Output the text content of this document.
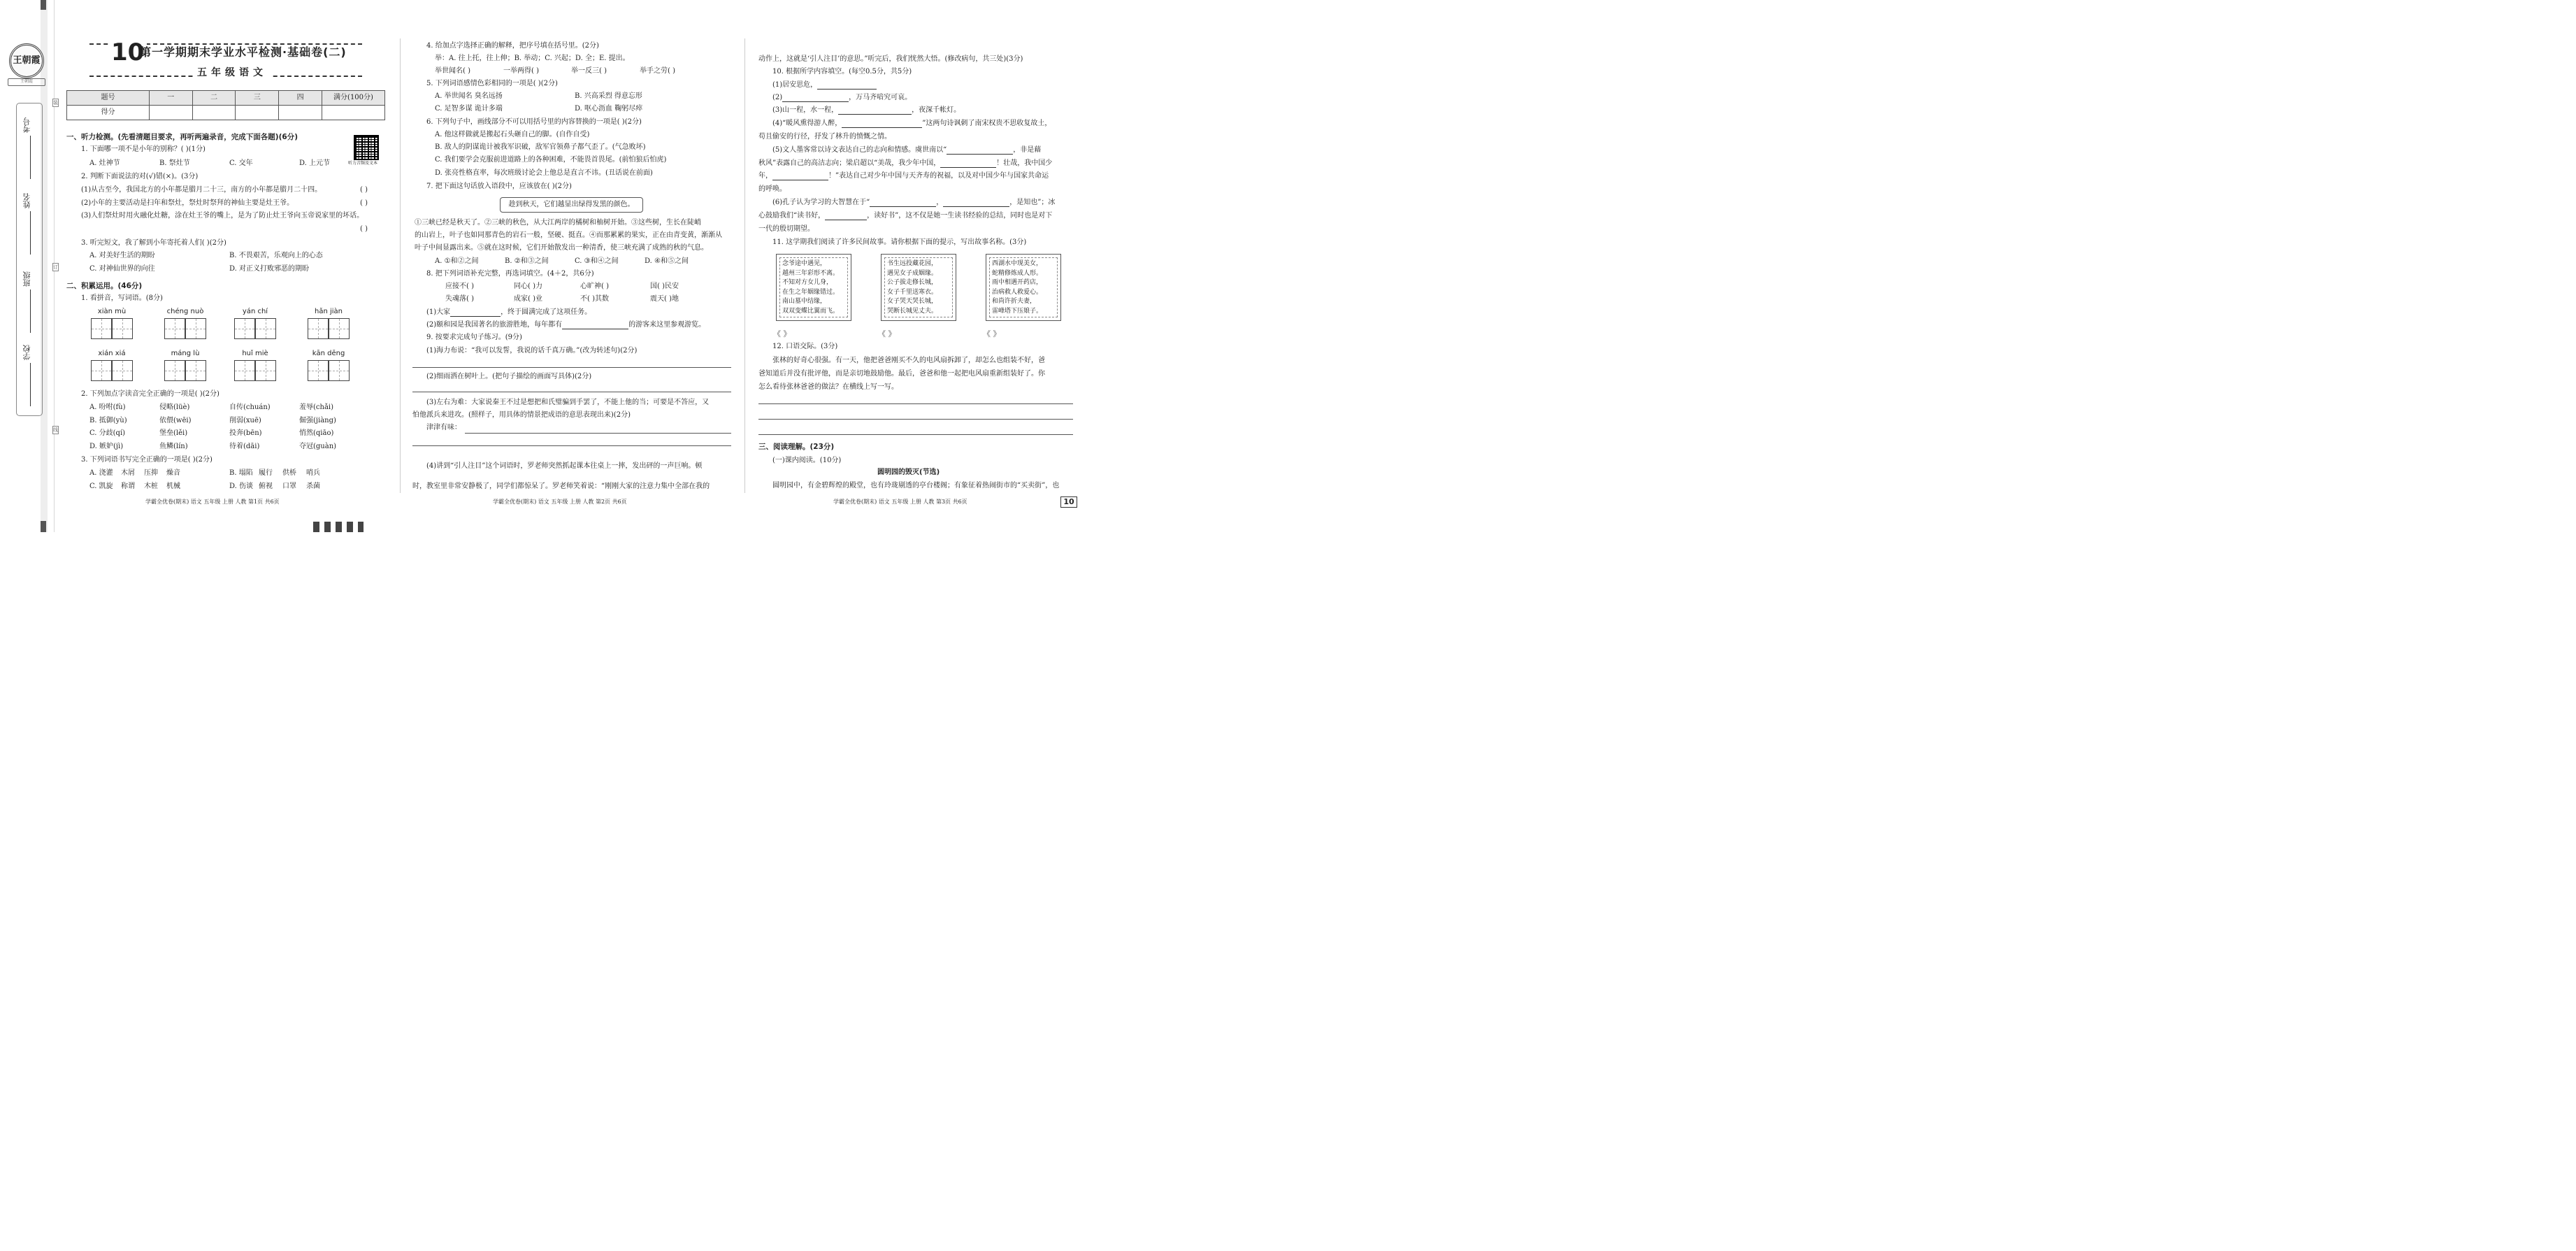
王朝霞
王朝霞
学校
班级
姓名
考号
装
订
线
10
第一学期期末学业水平检测·基础卷(二)
五年级语文
题号	一	二	三	四	满分(100分)
得分					
一、听力检测。(先看清题目要求，再听两遍录音，完成下面各题)(6分)
听力音频及文本
1. 下面哪一项不是小年的别称？( )(1分)
A. 灶神节	B. 祭灶节	C. 交年	D. 上元节
2. 判断下面说法的对(√)错(×)。(3分)
(1)从古至今，我国北方的小年都是腊月二十三，南方的小年都是腊月二十四。	( )
(2)小年的主要活动是扫年和祭灶，祭灶时祭拜的神仙主要是灶王爷。	( )
(3)人们祭灶时用火融化灶糖，涂在灶王爷的嘴上，是为了防止灶王爷向玉帝说家里的坏话。
( )
3. 听完短文，我了解到小年寄托着人们( )(2分)
A. 对美好生活的期盼	B. 不畏艰苦，乐观向上的心态
C. 对神仙世界的向往	D. 对正义打败邪恶的期盼
二、积累运用。(46分)
1. 看拼音，写词语。(8分)
xiàn mù	chéng nuò	yán chí	hǎn jiàn
xián xiá	máng lù	huǐ miè	kān dēng
2. 下列加点字读音完全正确的一项是( )(2分)
A. 吩咐(fù)	侵略(lüè)	自传(chuán)	羞辱(chǎi)
B. 抵御(yù)	依偎(wēi)	削弱(xuē)	倔强(jiàng)
C. 分歧(qí)	堡垒(lěi)	投奔(bēn)	悄然(qiāo)
D. 嫉妒(jì)	鱼鳞(lín)	待着(dāi)	夺冠(guàn)
3. 下列词语书写完全正确的一项是( )(2分)
A. 浇灌 木屑 压抑 燥音	B. 塌陷 履行 供桥 哨兵
C. 凯旋 称谓 木桩 机械	D. 伤谈 俯视 口罩 杀菌
4. 给加点字选择正确的解释，把序号填在括号里。(2分)
举：A. 往上托，往上伸；B. 举动；C. 兴起；D. 全；E. 提出。
举世闻名( )	一举两得( )	举一反三( )	举手之劳( )
5. 下列词语感情色彩相同的一项是( )(2分)
A. 举世闻名 臭名远扬	B. 兴高采烈 得意忘形
C. 足智多谋 诡计多端	D. 呕心沥血 鞠躬尽瘁
6. 下列句子中，画线部分不可以用括号里的内容替换的一项是( )(2分)
A. 他这样做就是搬起石头砸自己的脚。(自作自受)
B. 敌人的阴谋诡计被我军识破，敌军官领鼻子都气歪了。(气急败坏)
C. 我们要学会克服前进道路上的各种困难，不能畏首畏尾。(前怕狼后怕虎)
D. 张亮性格直率，每次班级讨论会上他总是直言不讳。(丑话说在前面)
7. 把下面这句话放入语段中，应该放在( )(2分)
趁到秋天，它们越显出绿得发黑的颜色。
①三峡已经是秋天了。②三峡的秋色，从大江两岸的橘树和柚树开始。③这些树，生长在陡峭
的山岩上，叶子也如同那青色的岩石一般，坚硬、挺直。④而那累累的果实，正在由青变黄，渐渐从
叶子中间显露出来。⑤就在这时候，它们开始散发出一种清香，使三峡充满了成熟的秋的气息。
A. ①和②之间	B. ②和③之间	C. ③和④之间	D. ④和⑤之间
8. 把下列词语补充完整，再选词填空。(4＋2，共6分)
应接不( )	同心( )力	心旷神( )	国( )民安
失魂落( )	成家( )业	不( )其数	震天( )地
(1)大家	，终于圆满完成了这项任务。
(2)颐和园是我国著名的旅游胜地，每年都有	的游客来这里参观游览。
9. 按要求完成句子练习。(9分)
(1)海力布说：“我可以发誓，我说的话千真万确。”(改为转述句)(2分)
(2)细雨洒在树叶上。(把句子描绘的画面写具体)(2分)
(3)左右为难：大家说秦王不过是想把和氏璧骗到手罢了，不能上他的当；可要是不答应，又
怕他派兵来进攻。(照样子，用具体的情景把成语的意思表现出来)(2分)
津津有味：
(4)讲到“引人注目”这个词语时，罗老师突然抓起课本往桌上一摔，发出砰的一声巨响。顿
时，教室里非常安静极了，同学们都惊呆了。罗老师笑着说：“刚刚大家的注意力集中全部在我的
动作上，这就是‘引人注目’的意思。”听完后，我们恍然大悟。(修改病句，共三处)(3分)
10. 根据所学内容填空。(每空0.5分，共5分)
(1)居安思危，
(2)	，万马齐喑究可哀。
(3)山一程，水一程，	，夜深千帐灯。
(4)“暖风熏得游人醉，	”这两句诗讽刺了南宋权贵不思收复故土，
苟且偷安的行径，抒发了林升的愤慨之情。
(5)文人墨客常以诗文表达自己的志向和情感。虞世南以“	，非是藉
秋风”表露自己的高洁志向；梁启超以“美哉，我少年中国，	！壮哉，我中国少
年，	！”表达自己对少年中国与天齐寿的祝福，以及对中国少年与国家共命运
的呼唤。
(6)孔子认为学习的大智慧在于“	，	，是知也”；冰
心鼓励我们“读书好，	，读好书”，这不仅是她一生读书经验的总结，同时也是对下
一代的殷切期望。
11. 这学期我们阅读了许多民间故事。请你根据下面的提示，写出故事名称。(3分)
念爷途中遇见，
越州三年彩形不离。
不知对方女儿身，
在生之年姻缘错过。
南山墓中结缘，
双双变蝶比翼而飞。
《 》
书生远投藏花园，
遇见女子成姻缘。
公子拔走修长城，
女子千里送寒衣。
女子哭天哭长城，
哭断长城见丈夫。
《 》
西湖水中现美女，
蛇精修炼成人形。
雨中相遇开药店，
治病救人救爱心。
和尚许折夫妻，
雷峰塔下压娘子。
《 》
12. 口语交际。(3分)
张林的好奇心很强。有一天，他把爸爸刚买不久的电风扇拆卸了，却怎么也组装不好，爸
爸知道后并没有批评他，而是亲切地鼓励他。最后，爸爸和他一起把电风扇重新组装好了。你
怎么看待张林爸爸的做法？在横线上写一写。
三、阅读理解。(23分)
(一)课内阅读。(10分)
圆明园的毁灭(节选)
圆明园中，有金碧辉煌的殿堂，也有玲珑剔透的亭台楼阁；有象征着热闹街市的“买卖街”，也
学霸全优卷(期末) 语文 五年级 上册 人教 第1页 共6页	学霸全优卷(期末) 语文 五年级 上册 人教 第2页 共6页	学霸全优卷(期末) 语文 五年级 上册 人教 第3页 共6页	10
